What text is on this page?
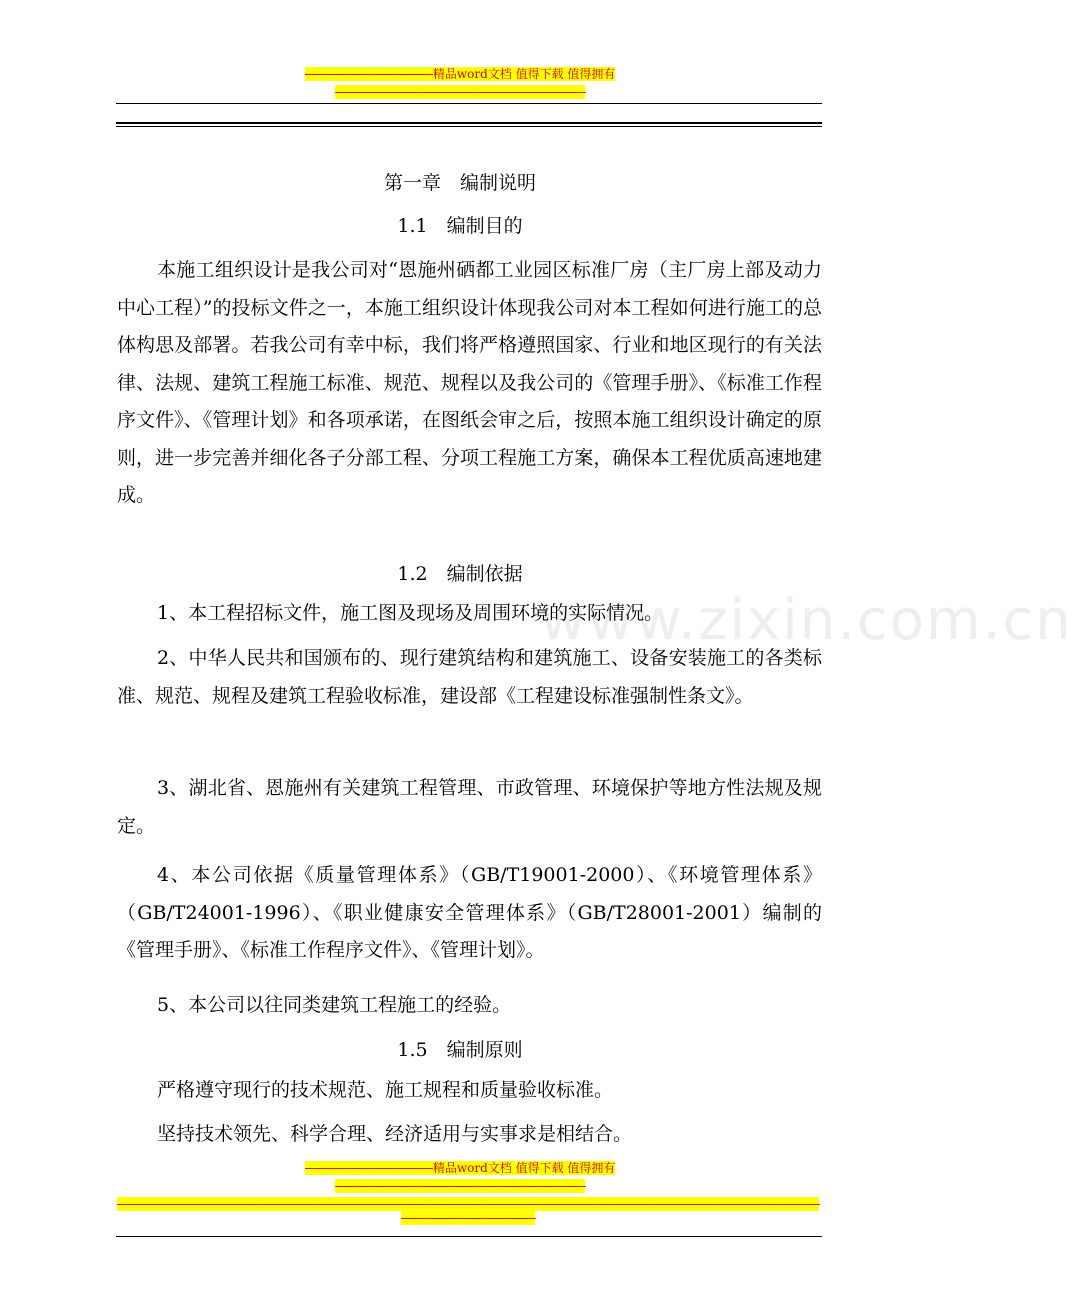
------------------------------------------精品word文档 值得下载 值得拥有
----------------------------------------------------------------------------------
www.zixin.com.cn
第一章　编制说明
1.1　编制目的

本施工组织设计是我公司对“恩施州硒都工业园区标准厂房（主厂房上部及动力中心工程）”的投标文件之一，本施工组织设计体现我公司对本工程如何进行施工的总体构思及部署。若我公司有幸中标，我们将严格遵照国家、行业和地区现行的有关法律、法规、建筑工程施工标准、规范、规程以及我公司的《管理手册》、《标准工作程序文件》、《管理计划》和各项承诺，在图纸会审之后，按照本施工组织设计确定的原则，进一步完善并细化各子分部工程、分项工程施工方案，确保本工程优质高速地建成。

1.2　编制依据

1、本工程招标文件，施工图及现场及周围环境的实际情况。

2、中华人民共和国颁布的、现行建筑结构和建筑施工、设备安装施工的各类标准、规范、规程及建筑工程验收标准，建设部《工程建设标准强制性条文》。

3、湖北省、恩施州有关建筑工程管理、市政管理、环境保护等地方性法规及规定。

4、本公司依据《质量管理体系》（GB/T19001-2000）、《环境管理体系》（GB/T24001-1996）、《职业健康安全管理体系》（GB/T28001-2001）编制的《管理手册》、《标准工作程序文件》、《管理计划》。

5、本公司以往同类建筑工程施工的经验。

1.5　编制原则

严格遵守现行的技术规范、施工规程和质量验收标准。

坚持技术领先、科学合理、经济适用与实事求是相结合。

------------------------------------------精品word文档 值得下载 值得拥有
----------------------------------------------------------------------------------
----------------------------------------------------------------------------------------------------------------------------------------------------------------------------------------------------------------------------------------------------------------------------------
